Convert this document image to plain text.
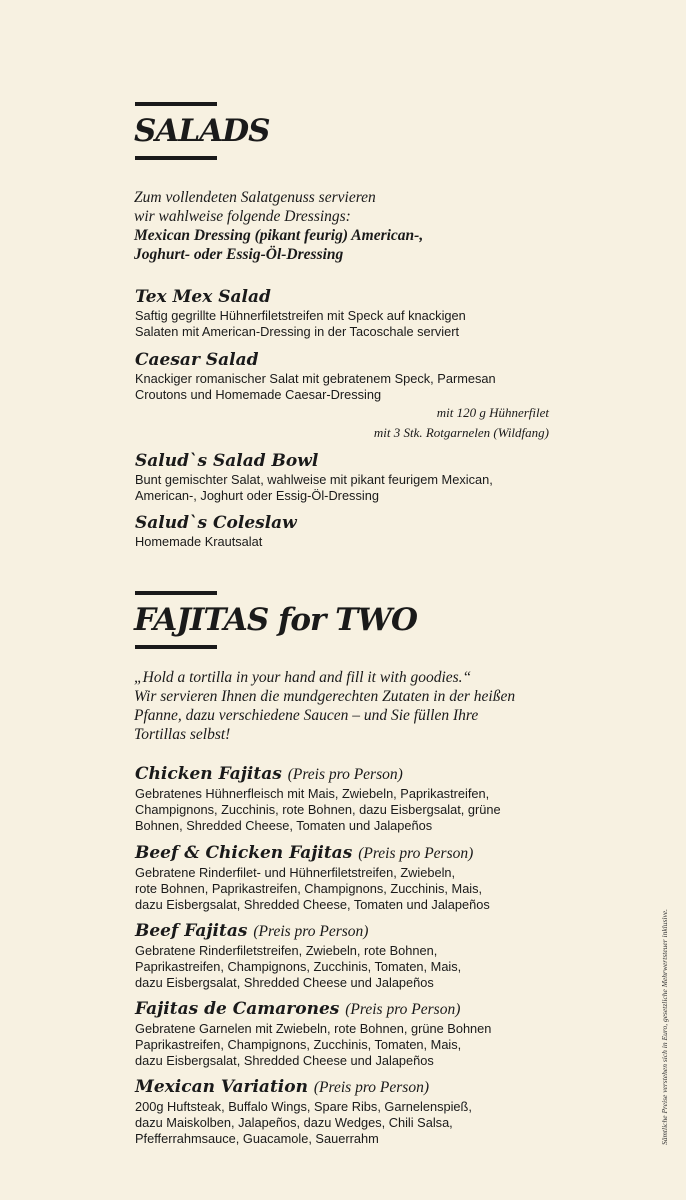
SALADS

Zum vollendeten Salatgenuss servieren
wir wahlweise folgende Dressings:
Mexican Dressing (pikant feurig) American-,
Joghurt- oder Essig-Öl-Dressing

Tex Mex Salad
Saftig gegrillte Hühnerfiletstreifen mit Speck auf knackigen
Salaten mit American-Dressing in der Tacoschale serviert
Caesar Salad
Knackiger romanischer Salat mit gebratenem Speck, Parmesan
Croutons und Homemade Caesar-Dressing
mit 120 g Hühnerfilet
mit 3 Stk. Rotgarnelen (Wildfang)
Salud`s Salad Bowl
Bunt gemischter Salat, wahlweise mit pikant feurigem Mexican,
American-, Joghurt oder Essig-Öl-Dressing
Salud`s Coleslaw
Homemade Krautsalat
FAJITAS for TWO

„Hold a tortilla in your hand and fill it with goodies.“
Wir servieren Ihnen die mundgerechten Zutaten in der heißen
Pfanne, dazu verschiedene Saucen – und Sie füllen Ihre
Tortillas selbst!

Chicken Fajitas (Preis pro Person)
Gebratenes Hühnerfleisch mit Mais, Zwiebeln, Paprikastreifen,
Champignons, Zucchinis, rote Bohnen, dazu Eisbergsalat, grüne
Bohnen, Shredded Cheese, Tomaten und Jalapeños
Beef & Chicken Fajitas (Preis pro Person)
Gebratene Rinderfilet- und Hühnerfiletstreifen, Zwiebeln,
rote Bohnen, Paprikastreifen, Champignons, Zucchinis, Mais,
dazu Eisbergsalat, Shredded Cheese, Tomaten und Jalapeños
Beef Fajitas (Preis pro Person)
Gebratene Rinderfiletstreifen, Zwiebeln, rote Bohnen,
Paprikastreifen, Champignons, Zucchinis, Tomaten, Mais,
dazu Eisbergsalat, Shredded Cheese und Jalapeños
Fajitas de Camarones (Preis pro Person)
Gebratene Garnelen mit Zwiebeln, rote Bohnen, grüne Bohnen
Paprikastreifen, Champignons, Zucchinis, Tomaten, Mais,
dazu Eisbergsalat, Shredded Cheese und Jalapeños
Mexican Variation (Preis pro Person)
200g Huftsteak, Buffalo Wings, Spare Ribs, Garnelenspieß,
dazu Maiskolben, Jalapeños, dazu Wedges, Chili Salsa,
Pfefferrahmsauce, Guacamole, Sauerrahm	Sämtliche Preise verstehen sich in Euro, gesetzliche Mehrwertsteuer inklusive.
